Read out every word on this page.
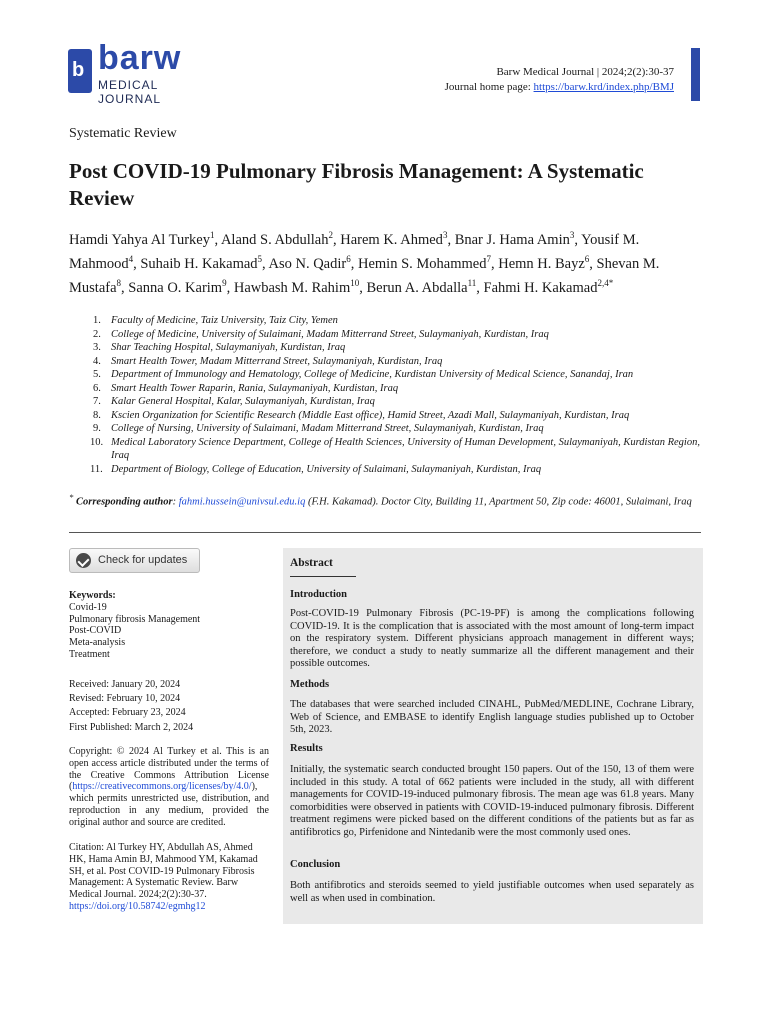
b barw
MEDICAL JOURNAL
Barw Medical Journal | 2024;2(2):30-37
Journal home page: https://barw.krd/index.php/BMJ
Systematic Review
Post COVID-19 Pulmonary Fibrosis Management: A Systematic Review
Hamdi Yahya Al Turkey$^1$, Aland S. Abdullah$^2$, Harem K. Ahmed$^3$, Bnar J. Hama Amin$^3$, Yousif M. Mahmood$^4$, Suhaib H. Kakamad$^5$, Aso N. Qadir$^6$, Hemin S. Mohammed$^7$, Hemn H. Bayz$^6$, Shevan M. Mustafa$^8$, Sanna O. Karim$^9$, Hawbash M. Rahim$^{10}$, Berun A. Abdalla$^{11}$, Fahmi H. Kakamad$^{2,4*}$
1. Faculty of Medicine, Taiz University, Taiz City, Yemen
2. College of Medicine, University of Sulaimani, Madam Mitterrand Street, Sulaymaniyah, Kurdistan, Iraq
3. Shar Teaching Hospital, Sulaymaniyah, Kurdistan, Iraq
4. Smart Health Tower, Madam Mitterrand Street, Sulaymaniyah, Kurdistan, Iraq
5. Department of Immunology and Hematology, College of Medicine, Kurdistan University of Medical Science, Sanandaj, Iran
6. Smart Health Tower Raparin, Rania, Sulaymaniyah, Kurdistan, Iraq
7. Kalar General Hospital, Kalar, Sulaymaniyah, Kurdistan, Iraq
8. Kscien Organization for Scientific Research (Middle East office), Hamid Street, Azadi Mall, Sulaymaniyah, Kurdistan, Iraq
9. College of Nursing, University of Sulaimani, Madam Mitterrand Street, Sulaymaniyah, Kurdistan, Iraq
10. Medical Laboratory Science Department, College of Health Sciences, University of Human Development, Sulaymaniyah, Kurdistan Region, Iraq
11. Department of Biology, College of Education, University of Sulaimani, Sulaymaniyah, Kurdistan, Iraq
* Corresponding author: fahmi.hussein@univsul.edu.iq (F.H. Kakamad). Doctor City, Building 11, Apartment 50, Zip code: 46001, Sulaimani, Iraq
Check for updates
Keywords:
Covid-19
Pulmonary fibrosis Management
Post-COVID
Meta-analysis
Treatment
Received: January 20, 2024
Revised: February 10, 2024
Accepted: February 23, 2024
First Published: March 2, 2024
Copyright: © 2024 Al Turkey et al. This is an open access article distributed under the terms of the Creative Commons Attribution License (https://creativecommons.org/licenses/by/4.0/), which permits unrestricted use, distribution, and reproduction in any medium, provided the original author and source are credited.
Citation: Al Turkey HY, Abdullah AS, Ahmed HK, Hama Amin BJ, Mahmood YM, Kakamad SH, et al. Post COVID-19 Pulmonary Fibrosis Management: A Systematic Review. Barw Medical Journal. 2024;2(2):30-37.
https://doi.org/10.58742/egmhg12
Abstract
Introduction

Post-COVID-19 Pulmonary Fibrosis (PC-19-PF) is among the complications following COVID-19. It is the complication that is associated with the most amount of long-term impact on the respiratory system. Different physicians approach management in different ways; therefore, we conduct a study to neatly summarize all the different management and their possible outcomes.

Methods

The databases that were searched included CINAHL, PubMed/MEDLINE, Cochrane Library, Web of Science, and EMBASE to identify English language studies published up to October 5th, 2023.

Results

Initially, the systematic search conducted brought 150 papers. Out of the 150, 13 of them were included in this study. A total of 662 patients were included in the study, all with different managements for COVID-19-induced pulmonary fibrosis. The mean age was 61.8 years. Many comorbidities were observed in patients with COVID-19-induced pulmonary fibrosis. Different treatment regimens were picked based on the different conditions of the patients but as far as antifibrotics go, Pirfenidone and Nintedanib were the most commonly used ones.

Conclusion

Both antifibrotics and steroids seemed to yield justifiable outcomes when used separately as well as when used in combination.
